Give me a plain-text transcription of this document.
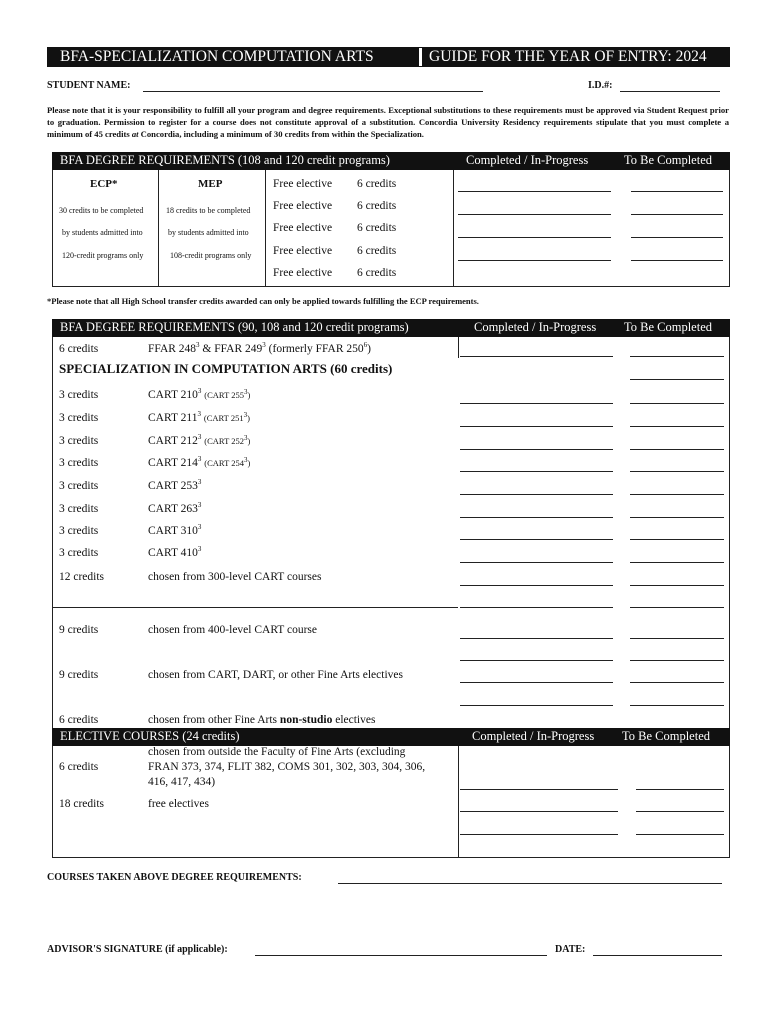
BFA-SPECIALIZATION COMPUTATION ARTS	GUIDE FOR THE YEAR OF ENTRY: 2024
STUDENT NAME:	I.D.#:
Please note that it is your responsibility to fulfill all your program and degree requirements. Exceptional substitutions to these requirements must be approved via Student Request prior to graduation. Permission to register for a course does not constitute approval of a substitution. Concordia University Residency requirements stipulate that you must complete a minimum of 45 credits at Concordia, including a minimum of 30 credits from within the Specialization.
BFA DEGREE REQUIREMENTS (108 and 120 credit programs)	Completed / In-Progress	To Be Completed
ECP*	MEP
30 credits to be completed
by students admitted into
120-credit programs only
18 credits to be completed
by students admitted into
108-credit programs only
Free elective 6 credits
Free elective 6 credits
Free elective 6 credits
Free elective 6 credits
Free elective 6 credits
*Please note that all High School transfer credits awarded can only be applied towards fulfilling the ECP requirements.
BFA DEGREE REQUIREMENTS (90, 108 and 120 credit programs)	Completed / In-Progress To Be Completed
6 credits	FFAR $248^3$ & FFAR $249^3$ (formerly FFAR $250^6$)
SPECIALIZATION IN COMPUTATION ARTS (60 credits)
3 credits	CART $210^3$ (CART $255^3$)
3 credits	CART $211^3$ (CART $251^3$)
3 credits	CART $212^3$ (CART $252^3$)
3 credits	CART $214^3$ (CART $254^3$)
3 credits	CART $253^3$
3 credits	CART $263^3$
3 credits	CART $310^3$
3 credits	CART $410^3$
12 credits	chosen from 300-level CART courses
9 credits	chosen from 400-level CART course
9 credits	chosen from CART, DART, or other Fine Arts electives
6 credits	chosen from other Fine Arts non-studio electives
ELECTIVE COURSES (24 credits)	Completed / In-Progress To Be Completed
6 credits
chosen from outside the Faculty of Fine Arts (excluding
FRAN 373, 374, FLIT 382, COMS 301, 302, 303, 304, 306,
416, 417, 434)
18 credits	free electives
COURSES TAKEN ABOVE DEGREE REQUIREMENTS:
ADVISOR'S SIGNATURE (if applicable):	DATE:
